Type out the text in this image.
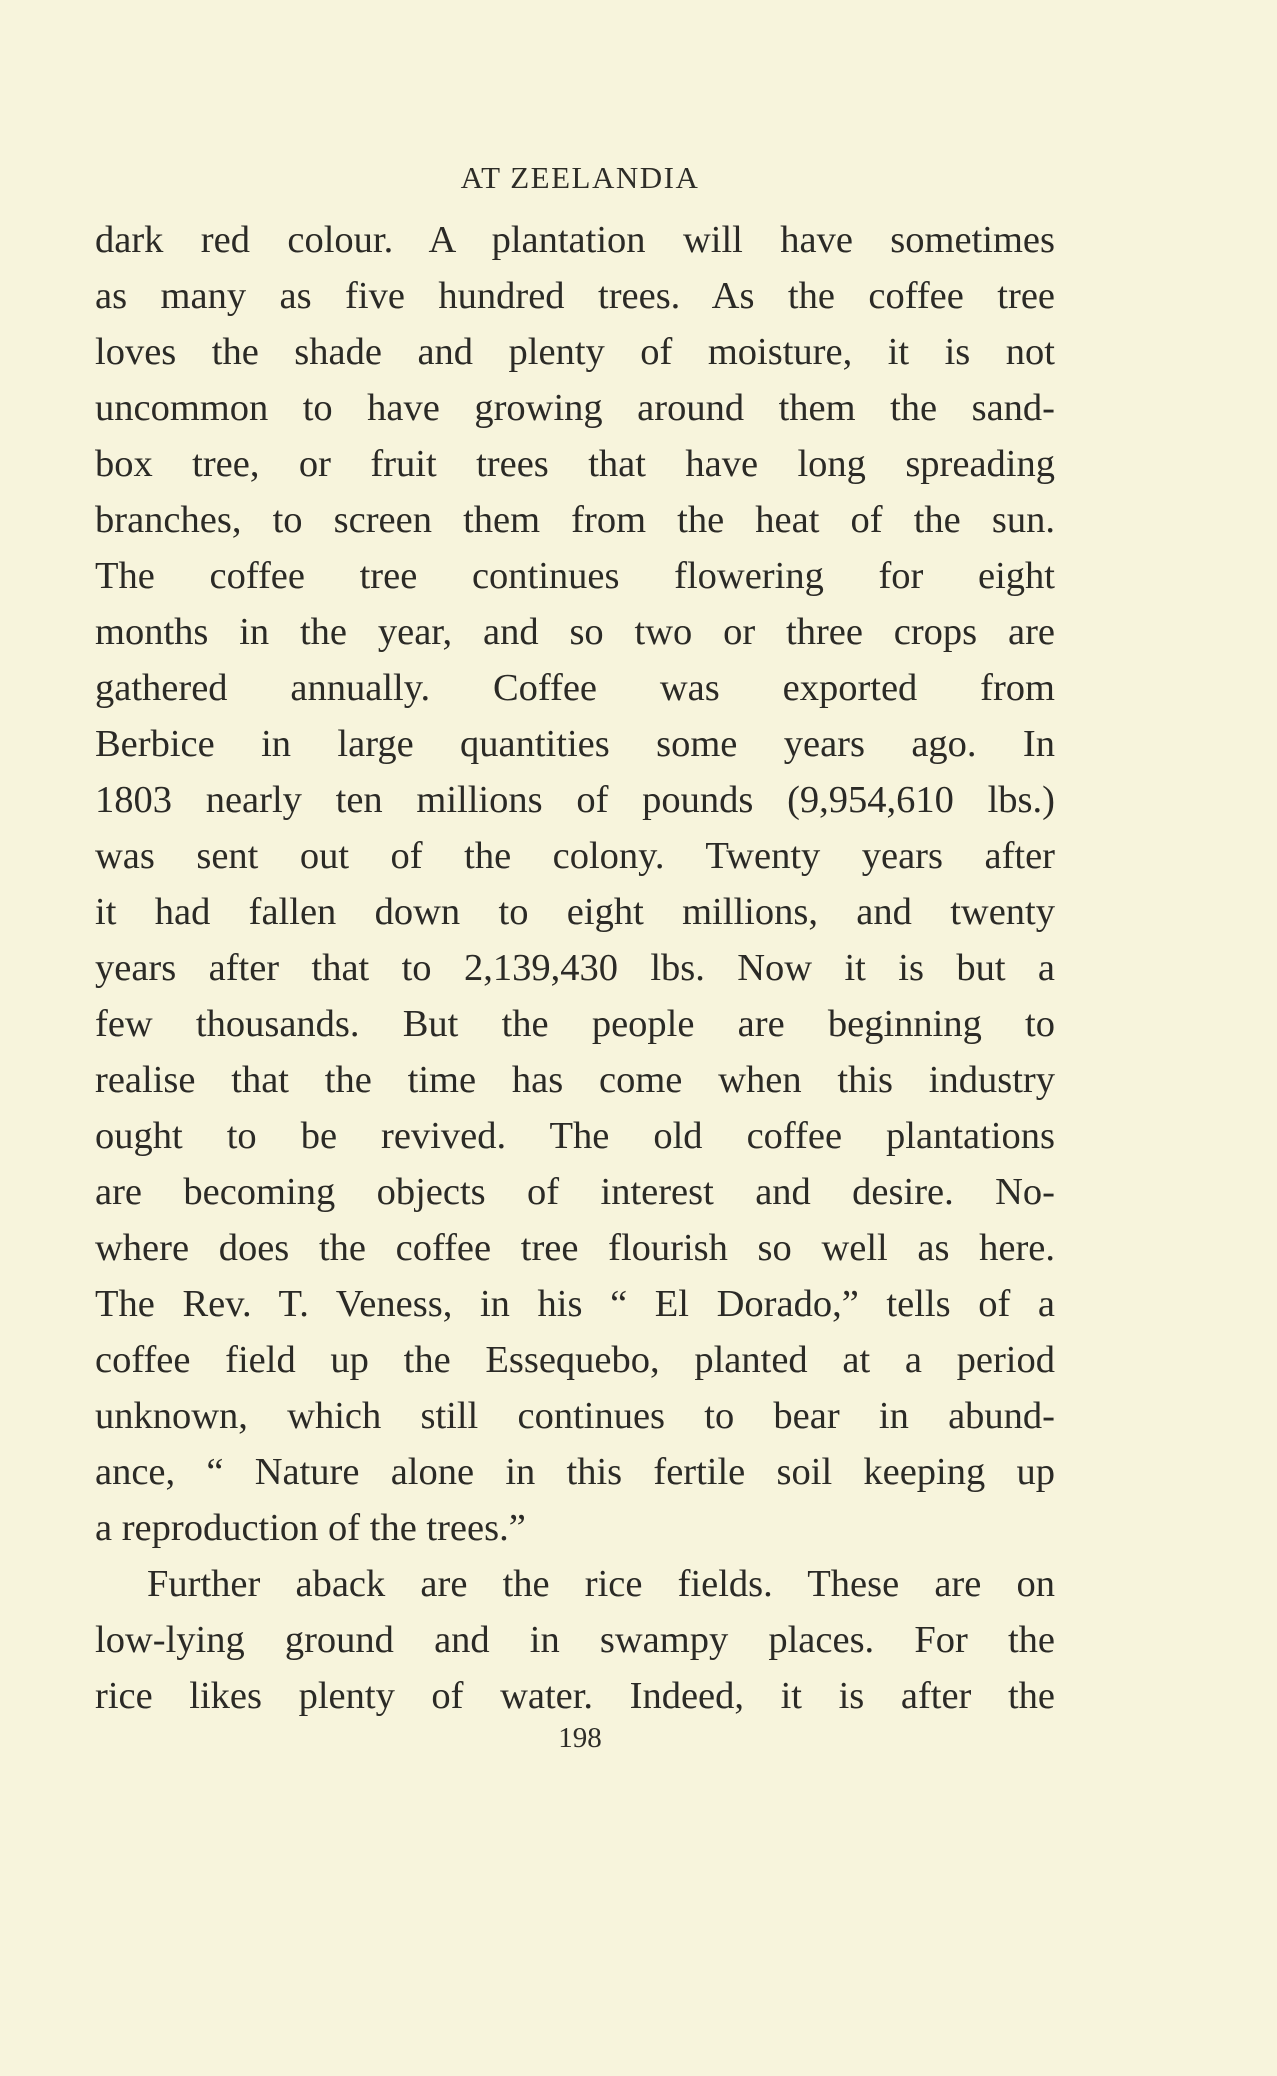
AT ZEELANDIA
dark red colour. A plantation will have sometimes
as many as five hundred trees. As the coffee tree
loves the shade and plenty of moisture, it is not
uncommon to have growing around them the sand-
box tree, or fruit trees that have long spreading
branches, to screen them from the heat of the sun.
The coffee tree continues flowering for eight
months in the year, and so two or three crops are
gathered annually. Coffee was exported from
Berbice in large quantities some years ago. In
1803 nearly ten millions of pounds (9,954,610 lbs.)
was sent out of the colony. Twenty years after
it had fallen down to eight millions, and twenty
years after that to 2,139,430 lbs. Now it is but a
few thousands. But the people are beginning to
realise that the time has come when this industry
ought to be revived. The old coffee plantations
are becoming objects of interest and desire. No-
where does the coffee tree flourish so well as here.
The Rev. T. Veness, in his “ El Dorado,” tells of a
coffee field up the Essequebo, planted at a period
unknown, which still continues to bear in abund-
ance, “ Nature alone in this fertile soil keeping up
a reproduction of the trees.”
Further aback are the rice fields. These are on
low-lying ground and in swampy places. For the
rice likes plenty of water. Indeed, it is after the
198
